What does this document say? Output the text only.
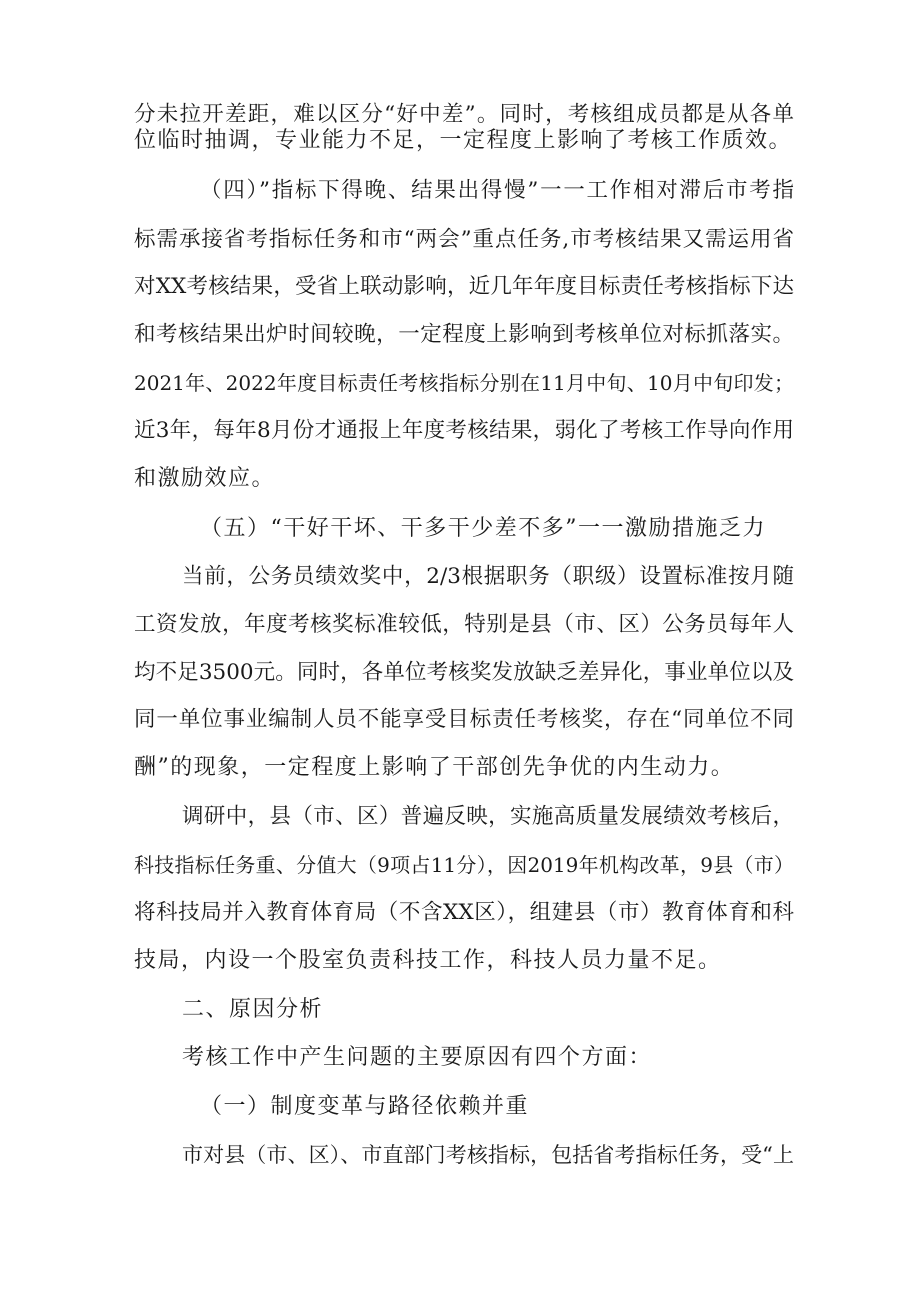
分未拉开差距，难以区分“好中差”。同时，考核组成员都是从各单
位临时抽调，专业能力不足，一定程度上影响了考核工作质效。
（四）”指标下得晚、结果出得慢”一一工作相对滞后市考指
标需承接省考指标任务和市“两会”重点任务,市考核结果又需运用省
对XX考核结果，受省上联动影响，近几年年度目标责任考核指标下达
和考核结果出炉时间较晚，一定程度上影响到考核单位对标抓落实。
2021年、2022年度目标责任考核指标分别在11月中旬、10月中旬印发；
近3年，每年8月份才通报上年度考核结果，弱化了考核工作导向作用
和激励效应。
（五）“干好干坏、干多干少差不多”一一激励措施乏力
当前，公务员绩效奖中，2/3根据职务（职级）设置标准按月随
工资发放，年度考核奖标准较低，特别是县（市、区）公务员每年人
均不足3500元。同时，各单位考核奖发放缺乏差异化，事业单位以及
同一单位事业编制人员不能享受目标责任考核奖，存在“同单位不同
酬”的现象，一定程度上影响了干部创先争优的内生动力。
调研中，县（市、区）普遍反映，实施高质量发展绩效考核后，
科技指标任务重、分值大（9项占11分），因2019年机构改革，9县（市）
将科技局并入教育体育局（不含XX区），组建县（市）教育体育和科
技局，内设一个股室负责科技工作，科技人员力量不足。
二、原因分析
考核工作中产生问题的主要原因有四个方面：
（一）制度变革与路径依赖并重
市对县（市、区）、市直部门考核指标，包括省考指标任务，受“上
